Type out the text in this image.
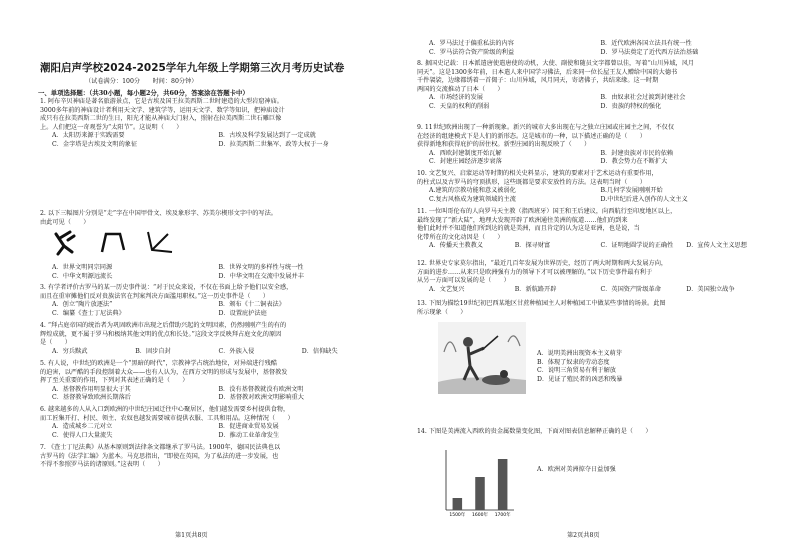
潮阳启声学校2024-2025学年九年级上学期第三次月考历史试卷
（试卷满分：100分　　时间：80分钟）
一、单项选择题：（共30小题，每小题2分，共60分，答案涂在答题卡中）

1. 阿布辛贝神庙是著名旅游景点，它是古埃及国王拉美西斯二世时建造的大型岩窟神庙。

3000多年前的神庙设计者利用天文学、建筑学等，运用天文学、数学等知识，把神庙设计

成只有在拉美西斯二世的生日，阳光才能从神庙大门射入，照射在拉美西斯二世石雕巨像

上。人们把这一奇观誉为“太阳节”。这说明（　　）

A．太阳历来源于实践需要	B．古埃及科学发展达到了一定成就
C．金字塔是古埃及文明的象征	D．拉美西斯二世集军、政等大权于一身

2. 以下三幅图片分别是“走”字在中国甲骨文、埃及象形字、苏美尔楔形文字中的写法。

由此可见（　　）

A．世界文明同宗同源	B．世界文明的多样性与统一性
C．中华文明源远流长	D．中华文明在交流中发展并丰

3. 有学者评价古罗马的某一历史事件说：“对于民众来说，不仅在书面上给予他们以安全感，

而且在重审摊他们反对贵族法官在判案判决方面滥用职权。”这一历史事件是（　　）

A．创立“陶片放逐法”	B．颁布《十二铜表法》
C．编纂《查士丁尼法典》	D．设置庇护法庭

4. “拜占庭帝国的统治者为巩固欧洲市出现之后借助兴起的文明因素，仍然刚刚产生的有的

辉煌成就，更不属于罗马和极纳其他文明的优点和长处。”这段文字反映拜占庭文化的原因

是（　　）

A．穷兵黩武	B．固步自封	C．外族入侵	D．信仰缺失

5. 有人说，中世纪的欧洲是一个“黑暗的时代”，宗教神学占统治地位，对异端进行残酷

的迫害，以严酷的手段控制着大众——也有人认为，在西方文明的形成与发展中，基督教发

挥了至关重要的作用，下列对其表述正确的是（　　）

A．基督教作用明显很大于其	B．没有基督教就没有欧洲文明
C．基督教导致欧洲长期落后	D．基督教对欧洲文明影响重大

6. 越来越多的人从入口到欧洲的中世纪庄园迁往中心聚居区，他们越发需要乡村提供食物，

而工匠集开打、村民、领主、农奴也越发需要城市提供衣服、工具和用品。这种情况（　　）

A．造成城乡二元对立	B．促进商业贸易发展
C．使得人口大量流失	D．推动工业革命发生

7. 《查士丁尼法典》从基本原则到法律条文都继承了罗马法。1900年，德国民法典也以

古罗马的《法学汇编》为蓝本。马克思指出，“即使在英国，为了私法的进一步发展，也

不得不参照罗马法的诸原则。”这表明（　　）

第1页共8页
A．罗马法过于偏重私法的内容	B．近代欧洲各国立法具有统一性
C．罗马法符合资产阶级的利益	D．罗马法奠定了近代西方法治基础

8. 据国史记载：日本派遣唐使遣唐使的动机，大使、副使和随员文字都曾以佳，写着“山川异域，风月

同天”。这是1300多年前，日本遣人来中国学习佛法，后来同一位长屋王友人赠给中国的大德书

千件袈裟，边缘都绣着一首偈子：山川异域，风月同天，寄诸佛子，共结来缘。这一时期

两国的交流推动了日本（　　）

A．市场经济的发展	B．由奴隶社会过渡到封建社会
C．天皇的权利的削弱	D．贵族的特权的强化

9. 11世纪欧洲出现了一种新现象。新兴的城市大多出现在与之独立庄园或庄园主之间，不仅仅

在经济的组建模式下是人们的新形态。这是城市的一种，以下描述正确的是（　　）

获得新地和获得庇护的居住权。新型庄园的出现反映了（　　）

A．西欧封建制度开始瓦解	B．封建贵族对市民的依赖
C．封建庄园经济逐步衰落	D．教会势力在不断扩大

10. 文艺复兴、启蒙运动等时期的相关史料显示，建筑的要素对于艺术运动有重要作用，

的柱式以及古罗马的穹顶拱形，这些既都是要求安放性的方法。这表明当时（　　）

A.建筑的宗教功能和意义被弱化	B.几何学发展刚刚开始
C.复古风格成为建筑领域的主流	D.中世纪后进入创作的人文主义

11. 一位叫哥伦布的人向罗马天主教（指西班牙）国王和王后建议，向西航行至印度地区以上，

最终发现了“新大陆”，地理大发现开辟了欧洲通往美洲的航道……他们的到来

他们此时并不知道他们所到达的就是美洲，而且肯定的认为这是亚洲，也是说，当

化带所在的文化动因是（　　）

A．传播天主教教义	B．探寻财富	C．证明地圆学说的正确性	D．宣传人文主义思想

12. 世界史专家莫尔指出，“最近几百年发展为世界历史，经历了两大时期和两大发展方向，

方面的进步……从来只是欧洲强有力的领导下才可以被理解的。”以下历史事件最有利于

从另一方面可以发展的是（　　）

A．文艺复兴	B．新航路开辟	C．英国资产阶级革命	D．美国独立战争

13. 下图为描绘19世纪初巴西某地区甘蔗种植园主人对种植园工中做某些事情的场景。此图

所示现象（　　）

A．说明美洲出现资本主义萌芽
B．体现了奴隶的劳动态度
C．说明三角贸易有利于解放
D．见证了殖民者的凶恶和残暴

14. 下图是美洲流入西欧的贵金属数量变化图，下面对图表信息解释正确的是（　　）

1500年 1600年 1700年
A．欧洲对美洲掠夺日益加强
第2页共8页
